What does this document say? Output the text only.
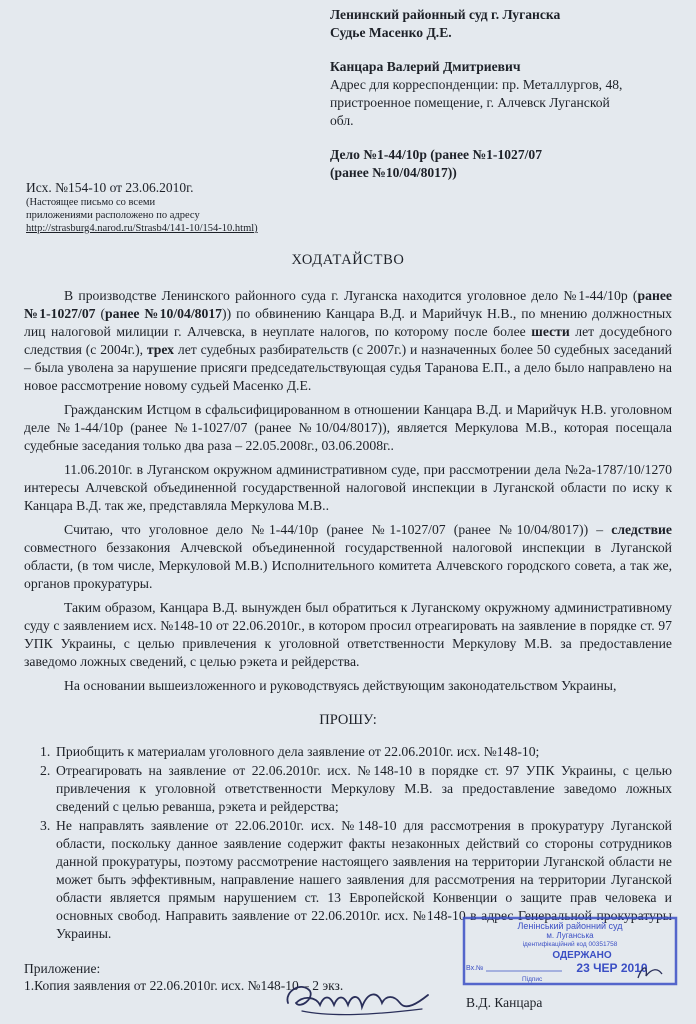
Ленинский районный суд г. Луганска
Судье Масенко Д.Е.
Канцара Валерий Дмитриевич
Адрес для корреспонденции: пр. Металлургов, 48,
пристроенное помещение, г. Алчевск Луганской
обл.
Дело №1-44/10р (ранее №1-1027/07
(ранее №10/04/8017))
Исх. №154-10 от 23.06.2010г.
(Настоящее письмо со всеми
приложениями расположено по адресу
http://strasburg4.narod.ru/Strasb4/141-10/154-10.html)
ХОДАТАЙСТВО

В производстве Ленинского районного суда г. Луганска находится уголовное дело №1-44/10р (ранее №1-1027/07 (ранее №10/04/8017)) по обвинению Канцара В.Д. и Марийчук Н.В., по мнению должностных лиц налоговой милиции г. Алчевска, в неуплате налогов, по которому после более шести лет досудебного следствия (с 2004г.), трех лет судебных разбирательств (с 2007г.) и назначенных более 50 судебных заседаний – была уволена за нарушение присяги председательствующая судья Таранова Е.П., а дело было направлено на новое рассмотрение новому судьей Масенко Д.Е.

Гражданским Истцом в сфальсифицированном в отношении Канцара В.Д. и Марийчук Н.В. уголовном деле №1-44/10р (ранее №1-1027/07 (ранее №10/04/8017)), является Меркулова М.В., которая посещала судебные заседания только два раза – 22.05.2008г., 03.06.2008г..

11.06.2010г. в Луганском окружном административном суде, при рассмотрении дела №2а-1787/10/1270 интересы Алчевской объединенной государственной налоговой инспекции в Луганской области по иску к Канцара В.Д. так же, представляла Меркулова М.В..

Считаю, что уголовное дело №1-44/10р (ранее №1-1027/07 (ранее №10/04/8017)) – следствие совместного беззакония Алчевской объединенной государственной налоговой инспекции в Луганской области, (в том числе, Меркуловой М.В.) Исполнительного комитета Алчевского городского совета, а так же, органов прокуратуры.

Таким образом, Канцара В.Д. вынужден был обратиться к Луганскому окружному административному суду с заявлением исх. №148-10 от 22.06.2010г., в котором просил отреагировать на заявление в порядке ст. 97 УПК Украины, с целью привлечения к уголовной ответственности Меркулову М.В. за предоставление заведомо ложных сведений, с целью рэкета и рейдерства.

На основании вышеизложенного и руководствуясь действующим законодательством Украины,

ПРОШУ:
1. Приобщить к материалам уголовного дела заявление от 22.06.2010г. исх. №148-10;
2. Отреагировать на заявление от 22.06.2010г. исх. №148-10 в порядке ст. 97 УПК Украины, с целью привлечения к уголовной ответственности Меркулову М.В. за предоставление заведомо ложных сведений с целью реванша, рэкета и рейдерства;
3. Не направлять заявление от 22.06.2010г. исх. №148-10 для рассмотрения в прокуратуру Луганской области, поскольку данное заявление содержит факты незаконных действий со стороны сотрудников данной прокуратуры, поэтому рассмотрение настоящего заявления на территории Луганской области не может быть эффективным, направление нашего заявления для рассмотрения на территории Луганской области является прямым нарушением ст. 13 Европейской Конвенции о защите прав человека и основных свобод. Направить заявление от 22.06.2010г. исх. №148-10 в адрес Генеральной прокуратуры Украины.
Приложение:
1.Копия заявления от 22.06.2010г. исх. №148-10 – 2 экз.
В.Д. Канцара
Ленінський районний суд
м. Луганська
ідентифікаційний код 00351758
ОДЕРЖАНО
Вх.№	23 ЧЕР 2010
Підпис
